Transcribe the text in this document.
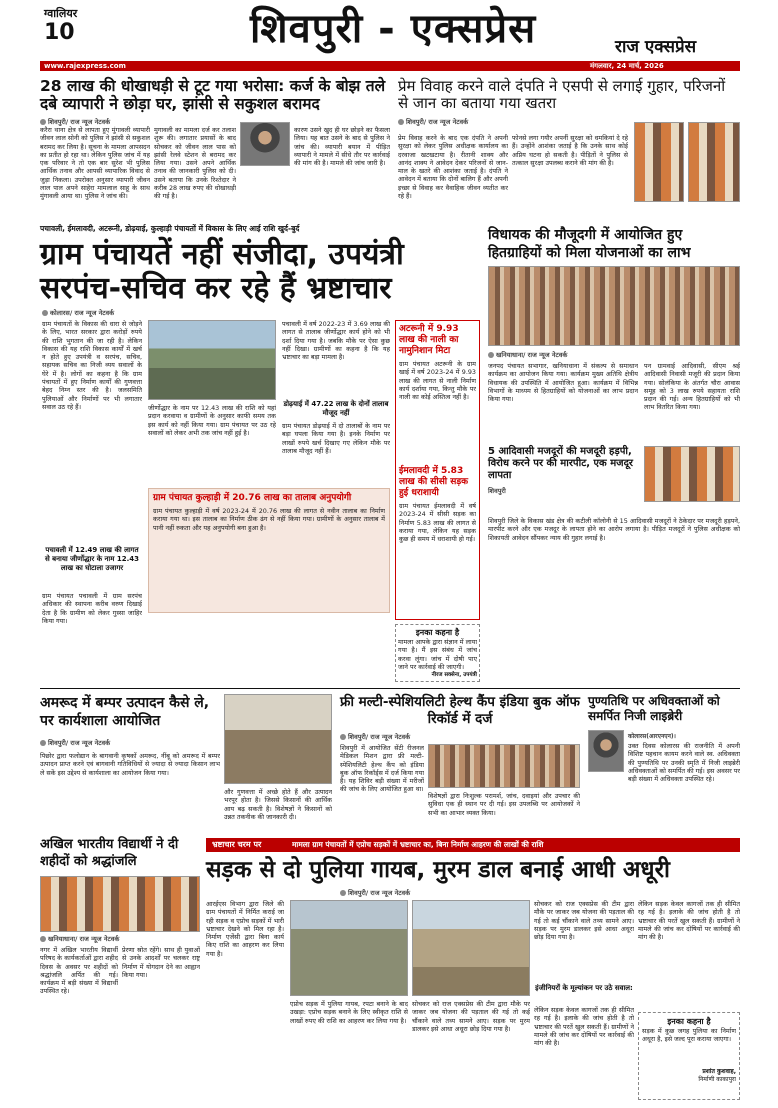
ग्वालियर
10	शिवपुरी - एक्सप्रेस	राज एक्सप्रेस
www.rajexpress.com	मंगलवार, 24 मार्च, 2026
28 लाख की धोखाधड़ी से टूट गया भरोसा: कर्ज के बोझ तले दबे व्यापारी ने छोड़ा घर, झांसी से सकुशल बरामद
शिवपुरी/ राज न्यूज नेटवर्क
करैरा थाना क्षेत्र से लापता हुए मुंगावली व्यापारी जीवन लाल सोनी को पुलिस ने झांसी से सकुशल बरामद कर लिया है। सूचना के मामला आपसदन का प्रतीत हो रहा था। लेकिन पुलिस जांच में यह एक परिवार ने तो एक बार सुरेश भी पुलिस आर्थिक तनाव और आपसी व्यापारिक विवाद से जुड़ा निकला। उपरोक्त अनुसार व्यापारी जीवन लाल पाल अपने साहेरा मामलाल साहू के साथ मुंगावली आया था। पुलिस ने जांच की।
मुगावली का मामला दर्ज कर तलाश शुरू की। लगातार प्रयासों के बाद सोचकर को जीवन लाल पास को झांसी रेलवे स्टेशन से बरामद कर लिया गया। उसने अपने आर्थिक तनाव की जानकारी पुलिस को दी। उसने बताया कि उनके रिश्तेदार ने करीब 28 लाख रुपए की धोखाधड़ी की गई है।
कारण उसने खुद ही घर छोड़ने का फैसला लिया। यह बात उसने के बाद से पुलिस ने जांच की। व्यापारी बयान में पीड़ित व्यापारी ने मामले में सीधे तौर पर कार्रवाई की मांग की है। मामले की जांच जारी है।
प्रेम विवाह करने वाले दंपति ने एसपी से लगाई गुहार, परिजनों से जान का बताया गया खतरा
शिवपुरी/ राज न्यूज नेटवर्क
प्रेम विवाह करने के बाद एक दंपति ने अपनी सुरक्षा को लेकर पुलिस अधीक्षक कार्यालय का दरवाजा खटखटाया है। रीतानी शाक्य और आनंद शाक्य ने आवेदन देकर परिजनों से जान-माल के खतरे की आशंका जताई है। दंपति ने आवेदन में बताया कि दोनों बालिग हैं और अपनी इच्छा से विवाह कर वैवाहिक जीवन व्यतीत कर रहे हैं।
फोनसे लगा गयौर अपनीं सुरक्षा को धमकियां दे रहे हैं। उन्होंने आशंका जताई है कि उनके साथ कोई अप्रिय घटना हो सकती है। पीड़ितों ने पुलिस से तत्काल सुरक्षा उपलब्ध कराने की मांग की है।
पचावली, ईमलावदी, अटरूनी, डोढ़याई, कुल्हाड़ी पंचायतों में विकास के लिए आई राशि खुर्द-बुर्द
ग्राम पंचायतें नहीं संजीदा, उपयंत्री सरपंच-सचिव कर रहे हैं भ्रष्टाचार
कोलारस/ राज न्यूज नेटवर्क
ग्राम पंचायतों के विकास की धारा से जोड़ने के लिए, भारत सरकार द्वारा करोड़ों रुपये की राशि भुगतान की जा रही है। लेकिन विकास की यह राशि विकास कार्यों में खर्च न होते हुए उपयंत्री व सरपंच, सचिव, सहायक सचिव का निजी व्यय सवालों के घेरे में है। लोगों का कहना है कि ग्राम पंचायतों में हुए निर्माण कार्यों की गुणवत्ता बेहद निम्न स्तर की है। जलसमिति पुलियाओं और निर्माणों पर भी लगातार सवाल उठ रहे हैं।
पचावली में 12.49 लाख की लागत से बनाया जीर्णोद्धार के नाम 12.43 लाख का घोटाला उजागर
ग्राम पंचायत पचावली में ग्राम सरपंच अधिकार की स्थापना करीब वरुण दिखाई देता है कि ग्रामीण को लेकर गुस्सा जाहिर किया गया।
जीर्णोद्धार के नाम पर 12.43 लाख की राशि को यहां प्रदान करवाया व ग्रामीणों के अनुसार काफी समय तक इस कार्य को नहीं किया गया। ग्राम पंचायत पर उठ रहे सवालों को लेकर अभी तक जांच नहीं हुई है।
पचावली में वर्ष 2022-23 में 3.69 लाख की लागत से तालाब जीर्णोद्धार कार्य होने को भी दर्शा दिया गया है। जबकि मौके पर ऐसा कुछ नहीं दिखा। ग्रामीणों का कहना है कि यह भ्रष्टाचार का बड़ा मामला है।
डोढ़याई में 47.22 लाख के दोनों तालाब मौजूद नहीं
ग्राम पंचायत डोढ़याई में दो तालाबों के नाम पर बड़ा घपला किया गया है। इनके निर्माण पर लाखों रुपये खर्च दिखाए गए लेकिन मौके पर तालाब मौजूद नहीं हैं।
अटरूनी में 9.93 लाख की नाली का नामुनिशान मिटा
ग्राम पंचायत अटरूनी के ग्राम खाई में वर्ष 2023-24 में 9.93 लाख की लागत से नाली निर्माण कार्य दर्शाया गया, किन्तु मौके पर नाली का कोई अस्तित्व नहीं है।
ईमलावदी में 5.83 लाख की सीसी सड़क हुई धराशायी
ग्राम पंचायत ईमलावदी में वर्ष 2023-24 में सीसी सड़क का निर्माण 5.83 लाख की लागत से कराया गया, लेकिन यह सड़क कुछ ही समय में धराशायी हो गई।
इनका कहना है
मामला आपके द्वारा संज्ञान में लाया गया है। मैं इस संबंध में जांच करवा लूंगा। जांच में दोषी पाए जाने पर कार्रवाई की जाएगी।
नीरज सक्सेना, उपयंत्री
ग्राम पंचायत कुल्हाड़ी में 20.76 लाख का तालाब अनुपयोगी
ग्राम पंचायत कुल्हाड़ी में वर्ष 2023-24 में 20.76 लाख की लागत से नवीन तालाब का निर्माण कराया गया था। इस तालाब का निर्माण ठीक ढंग से नहीं किया गया। ग्रामीणों के अनुसार तालाब में पानी नहीं रुकता और यह अनुपयोगी बना हुआ है।
विधायक की मौजूदगी में आयोजित हुए हितग्राहियों को मिला योजनाओं का लाभ
खनियाधाना/ राज न्यूज नेटवर्क
जनपद पंचायत सभागार, खनियाधाना में संकल्प से समाधान कार्यक्रम का आयोजन किया गया। कार्यक्रम मुख्य अतिथि क्षेत्रीय विधायक की उपस्थिति में आयोजित हुआ। कार्यक्रम में विभिन्न विभागों के माध्यम से हितग्राहियों को योजनाओं का लाभ प्रदान किया गया।
पन ग्रामवाई आदिवासी, सीएम श्रई आदिवासी निवासी मजूरी की प्रदान किया गया। सोलंकिया के अंतर्गत चौरा आवास समूह को 3 लाख रुपये सहायता राशि प्रदान की गई। अन्य हितग्राहियों को भी लाभ वितरित किया गया।
5 आदिवासी मजदूरों की मजदूरी हड़पी, विरोध करने पर की मारपीट, एक मजदूर लापता
शिवपुरी
शिवपुरी जिले के विकास खंड क्षेत्र की कटीली कॉलोनी से 15 आदिवासी मजदूरों ने ठेकेदार पर मजदूरी हड़पने, मारपीट करने और एक मजदूर के लापता होने का आरोप लगाया है। पीड़ित मजदूरों ने पुलिस अधीक्षक को शिकायती आवेदन सौंपकर न्याय की गुहार लगाई है।
अमरूद में बम्पर उत्पादन कैसे ले, पर कार्यशाला आयोजित
शिवपुरी/ राज न्यूज नेटवर्क
पिछोर द्वारा फलोद्यान के बागवानी कृषकों अमरूद, नींबू को अमरूद में बम्पर उत्पादन प्राप्त करने एवं बागवानी गतिविधियों से ज्यादा से ज्यादा किसान लाभ ले सकें इस उद्देश्य से कार्यशाला का आयोजन किया गया।
और गुणवत्ता में अच्छे होते हैं और उत्पादन भरपूर होता है। जिससे किसानों की आर्थिक आय बढ़ सकती है। विशेषज्ञों ने किसानों को उन्नत तकनीक की जानकारी दी।
फ्री मल्टी-स्पेशियलिटी हेल्थ कैंप इंडिया बुक ऑफ रिकॉर्ड में दर्ज
शिवपुरी/ राज न्यूज नेटवर्क
शिवपुरी में आयोजित सेंटी रीजनल मेडिकल मिशन द्वारा फ्री मल्टी-स्पेशियलिटी हेल्थ कैंप को इंडिया बुक ऑफ रिकॉर्ड्स में दर्ज किया गया है। यह शिविर बड़ी संख्या में मरीजों की जांच के लिए आयोजित हुआ था।
विशेषज्ञों द्वारा निःशुल्क परामर्श, जांच, दवाइयां और उपचार की सुविधा एक ही स्थान पर दी गई। इस उपलब्धि पर आयोजकों ने सभी का आभार व्यक्त किया।
पुण्यतिथि पर अधिवक्ताओं को समर्पित निजी लाइब्रेरी
कोलारस(आरएनएन)।
उक्त दिवस कोलारस की राजनीति में अपनी विशिष्ट पहचान कायम करने वाले स्व. अधिवक्ता की पुण्यतिथि पर उनकी स्मृति में निजी लाइब्रेरी अधिवक्ताओं को समर्पित की गई। इस अवसर पर बड़ी संख्या में अधिवक्ता उपस्थित रहे।
अखिल भारतीय विद्यार्थी ने दी शहीदों को श्रद्धांजलि
खनियाधाना/ राज न्यूज नेटवर्क
नगर में अखिल भारतीय विद्यार्थी परिषद के कार्यकर्ताओं द्वारा शहीद दिवस के अवसर पर शहीदों को श्रद्धांजलि अर्पित की गई। कार्यक्रम में बड़ी संख्या में विद्यार्थी उपस्थित रहे।
प्रेरणा स्रोत रहेंगे। साथ ही युवाओं से उनके आदर्शों पर चलकर राष्ट्र निर्माण में योगदान देने का आह्वान किया गया।
भ्रष्टाचार चरम पर	मामला ग्राम पंचायतों में एप्रोच सड़कों में भ्रष्टाचार का, बिना निर्माण आहरण की लाखों की राशि
सड़क से दो पुलिया गायब, मुरम डाल बनाई आधी अधूरी
शिवपुरी/ राज न्यूज नेटवर्क
आरईएस विभाग द्वारा जिले की ग्राम पंचायतों में निर्मित कराई जा रही सड़क व एप्रोच सड़कों में भारी भ्रष्टाचार देखने को मिल रहा है। निर्माण एजेंसी द्वारा बिना कार्य किए राशि का आहरण कर लिया गया है।
एप्रोच सड़क में पुलिया गायब, रपटा बनाने के बाद उखड़ा: एप्रोच सड़क बनाने के लिए स्वीकृत राशि से लाखों रुपए की राशि का आहरण कर लिया गया है।
सोचकर को राज एक्सप्रेस की टीम द्वारा मौके पर जाकर जब योजना की पड़ताल की गई तो कई चौंकाने वाले तथ्य सामने आए। सड़क पर मुरम डालकर इसे आधा अधूरा छोड़ दिया गया है।
सोचकर को राज एक्सप्रेस की टीम द्वारा मौके पर जाकर जब योजना की पड़ताल की गई तो कई चौंकाने वाले तथ्य सामने आए। सड़क पर मुरम डालकर इसे आधा अधूरा छोड़ दिया गया है।
इंजीनियरों के मूल्यांकन पर उठे सवाल:
लेकिन सड़क केवल कागजों तक ही सीमित रह गई है। इलाके की जांच होती है तो भ्रष्टाचार की परतें खुल सकती हैं। ग्रामीणों ने मामले की जांच कर दोषियों पर कार्रवाई की मांग की है।
लेकिन सड़क केवल कागजों तक ही सीमित रह गई है। इलाके की जांच होती है तो भ्रष्टाचार की परतें खुल सकती हैं। ग्रामीणों ने मामले की जांच कर दोषियों पर कार्रवाई की मांग की है।
इनका कहना है
सड़क में कुछ जगह पुलिया का निर्माण अधूरा है, इसे जल्द पूरा कराया जाएगा।
प्रशांत कुशवाह,
निर्माणी काकापुरा
